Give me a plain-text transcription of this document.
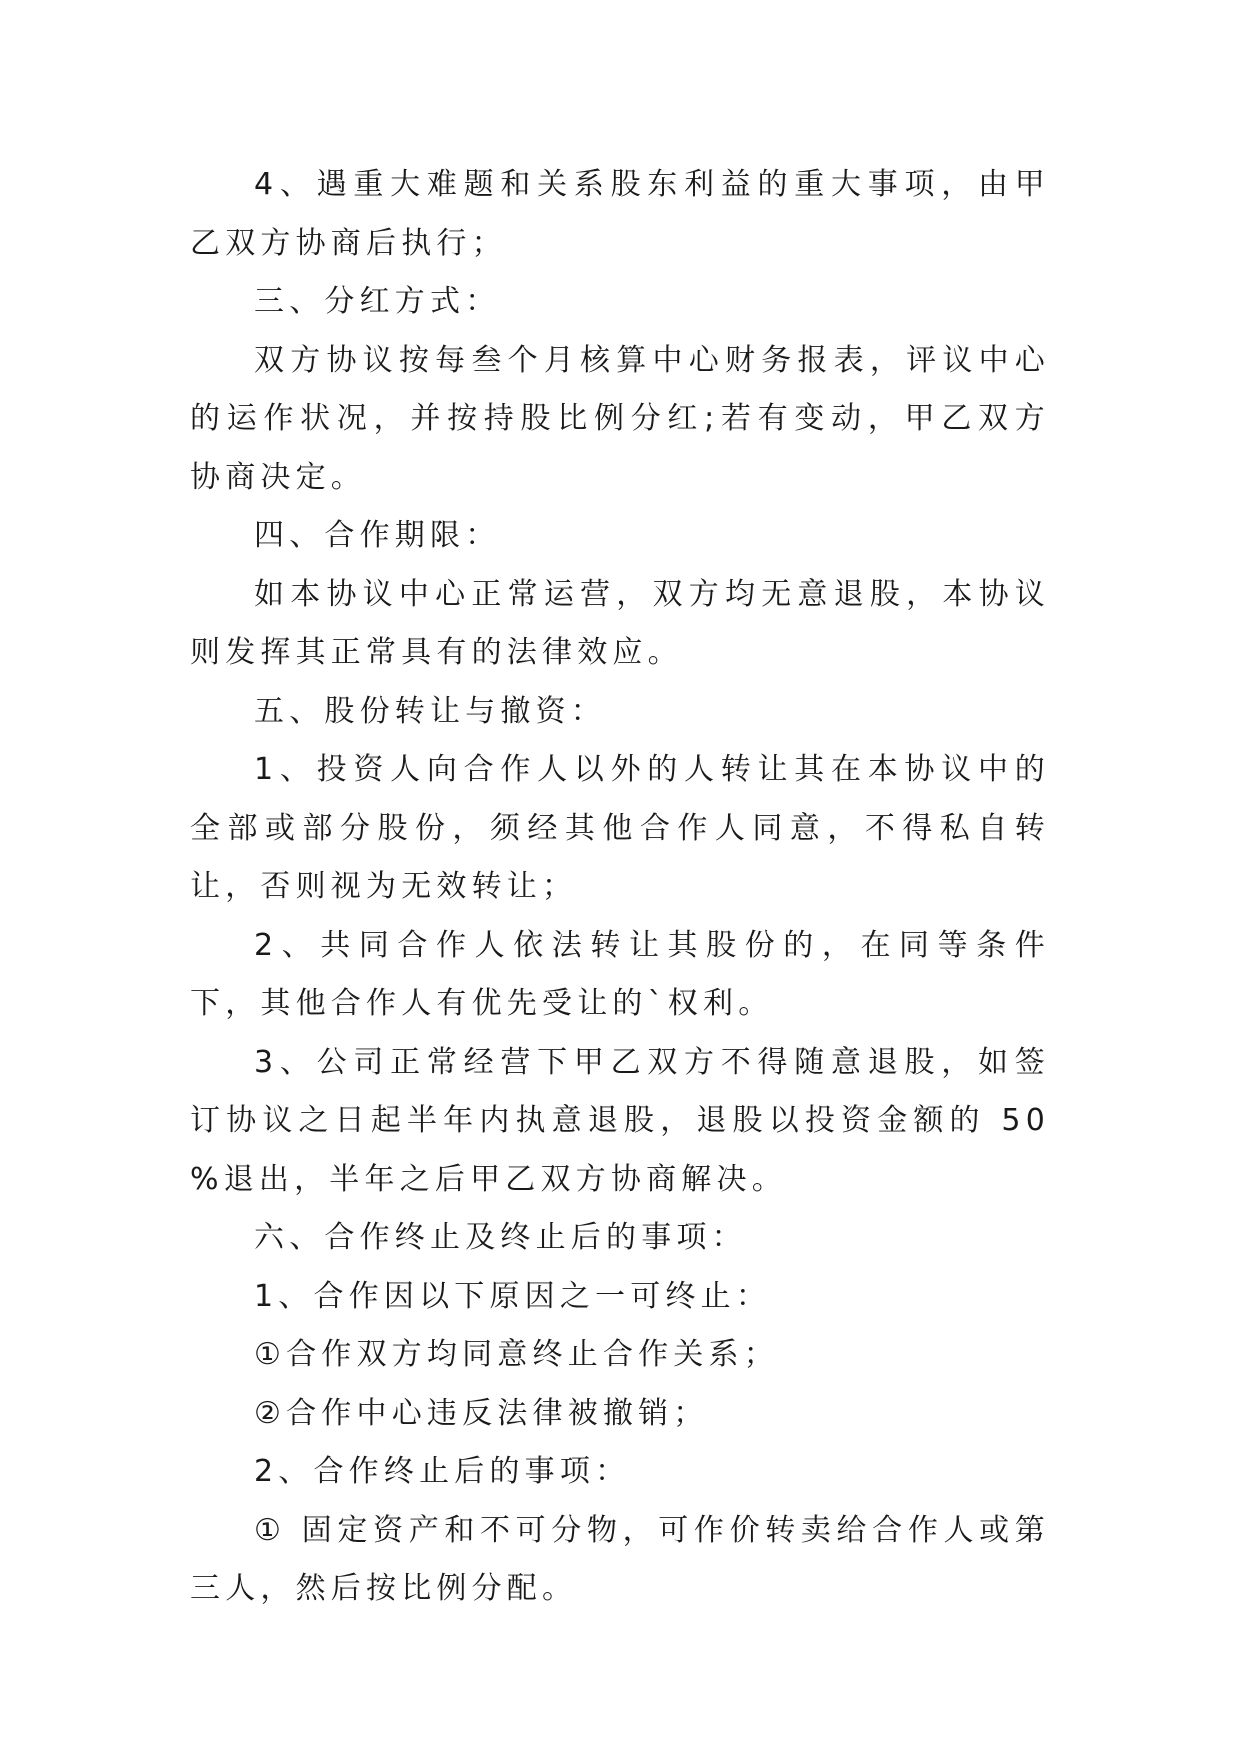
4、遇重大难题和关系股东利益的重大事项，由甲乙双方协商后执行；

三、分红方式：

双方协议按每叁个月核算中心财务报表，评议中心的运作状况，并按持股比例分红;若有变动，甲乙双方协商决定。

四、合作期限：

如本协议中心正常运营，双方均无意退股，本协议则发挥其正常具有的法律效应。

五、股份转让与撤资：

1、投资人向合作人以外的人转让其在本协议中的全部或部分股份，须经其他合作人同意，不得私自转让，否则视为无效转让；

2、共同合作人依法转让其股份的，在同等条件下，其他合作人有优先受让的`权利。

3、公司正常经营下甲乙双方不得随意退股，如签订协议之日起半年内执意退股，退股以投资金额的 50 %退出，半年之后甲乙双方协商解决。

六、合作终止及终止后的事项：

1、合作因以下原因之一可终止：

①合作双方均同意终止合作关系；

②合作中心违反法律被撤销；

2、合作终止后的事项：

① 固定资产和不可分物，可作价转卖给合作人或第三人，然后按比例分配。
